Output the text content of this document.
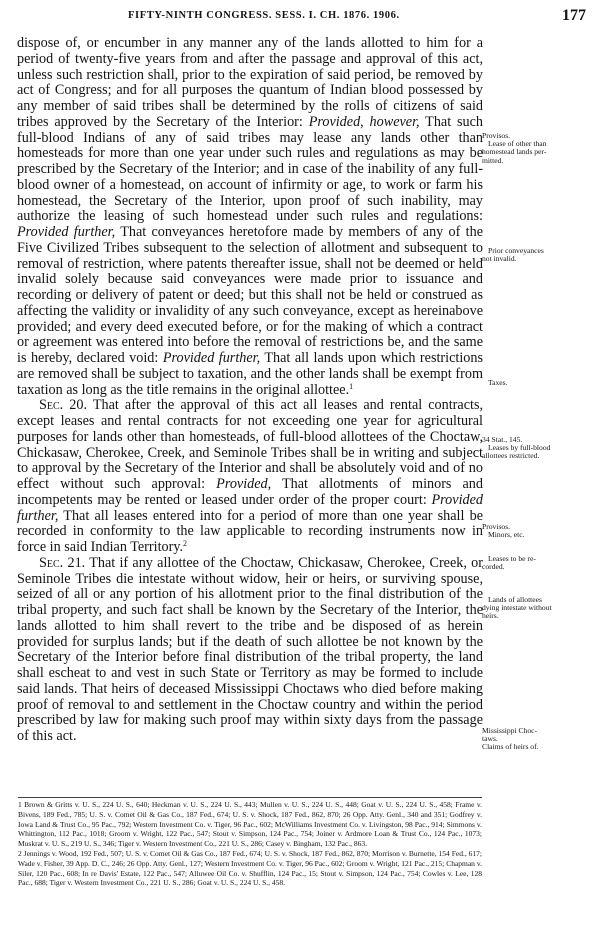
FIFTY-NINTH CONGRESS. SESS. I. CH. 1876. 1906.	177

dispose of, or encumber in any manner any of the lands allotted to him for a period of twenty-five years from and after the passage and approval of this act, unless such restriction shall, prior to the expiration of said period, be removed by act of Congress; and for all purposes the quantum of Indian blood possessed by any member of said tribes shall be determined by the rolls of citizens of said tribes approved by the Secretary of the Interior: Provided, however, That such full-blood Indians of any of said tribes may lease any lands other than homesteads for more than one year under such rules and regulations as may be prescribed by the Secretary of the Interior; and in case of the inability of any full-blood owner of a homestead, on account of infirmity or age, to work or farm his homestead, the Secretary of the Interior, upon proof of such inability, may authorize the leasing of such homestead under such rules and regulations: Provided further, That conveyances heretofore made by members of any of the Five Civilized Tribes subsequent to the selection of allotment and subsequent to removal of restriction, where patents thereafter issue, shall not be deemed or held invalid solely because said conveyances were made prior to issuance and recording or delivery of patent or deed; but this shall not be held or construed as affecting the validity or invalidity of any such conveyance, except as hereinabove provided; and every deed executed before, or for the making of which a contract or agreement was entered into before the removal of restrictions be, and the same is hereby, declared void: Provided further, That all lands upon which restrictions are removed shall be subject to taxation, and the other lands shall be exempt from taxation as long as the title remains in the original allottee.$^1$

Sec. 20. That after the approval of this act all leases and rental contracts, except leases and rental contracts for not exceeding one year for agricultural purposes for lands other than homesteads, of full-blood allottees of the Choctaw, Chickasaw, Cherokee, Creek, and Seminole Tribes shall be in writing and subject to approval by the Secretary of the Interior and shall be absolutely void and of no effect without such approval: Provided, That allotments of minors and incompetents may be rented or leased under order of the proper court: Provided further, That all leases entered into for a period of more than one year shall be recorded in conformity to the law applicable to recording instruments now in force in said Indian Territory.$^2$

Sec. 21. That if any allottee of the Choctaw, Chickasaw, Cherokee, Creek, or Seminole Tribes die intestate without widow, heir or heirs, or surviving spouse, seized of all or any portion of his allotment prior to the final distribution of the tribal property, and such fact shall be known by the Secretary of the Interior, the lands allotted to him shall revert to the tribe and be disposed of as herein provided for surplus lands; but if the death of such allottee be not known by the Secretary of the Interior before final distribution of the tribal property, the land shall escheat to and vest in such State or Territory as may be formed to include said lands. That heirs of deceased Mississippi Choctaws who died before making proof of removal to and settlement in the Choctaw country and within the period prescribed by law for making such proof may within sixty days from the passage of this act.

Provisos.
Lease of other than
homestead lands per-
mitted.
Prior conveyances
not invalid.
Taxes.
34 Stat., 145.
Leases by full-blood
allottees restricted.
Provisos.
Minors, etc.
Leases to be re-
corded.
Lands of allottees
dying intestate without
heirs.
Mississippi Choc-
taws.
Claims of heirs of.

1 Brown & Gritts v. U. S., 224 U. S., 640; Heckman v. U. S., 224 U. S., 443; Mullen v. U. S., 224 U. S., 448; Goat v. U. S., 224 U. S., 458; Frame v. Bivens, 189 Fed., 785; U. S. v. Comet Oil & Gas Co., 187 Fed., 674; U. S. v. Shock, 187 Fed., 862, 870; 26 Opp. Atty. Genl., 340 and 351; Godfrey v. Iowa Land & Trust Co., 95 Pac., 792; Western Investment Co. v. Tiger, 96 Pac., 602; McWilliams Investment Co. v. Livingston, 98 Pac., 914; Simmons v. Whittington, 112 Pac., 1018; Groom v. Wright, 122 Pac., 547; Stout v. Simpson, 124 Pac., 754; Joiner v. Ardmore Loan & Trust Co., 124 Pac., 1073; Muskrat v. U. S., 219 U. S., 346; Tiger v. Western Investment Co., 221 U. S., 286; Casey v. Bingham, 132 Pac., 863.

2 Jennings v. Wood, 192 Fed., 507; U. S. v. Comet Oil & Gas Co., 187 Fed., 674; U. S. v. Shock, 187 Fed., 862, 870; Morrison v. Burnette, 154 Fed., 617; Wade v. Fisher, 39 App. D. C., 246; 26 Opp. Atty. Genl., 127; Western Investment Co. v. Tiger, 96 Pac., 602; Groom v. Wright, 121 Pac., 215; Chapman v. Siler, 120 Pac., 608; In re Davis' Estate, 122 Pac., 547; Alluwee Oil Co. v. Shufflin, 124 Pac., 15; Stout v. Simpson, 124 Pac., 754; Cowles v. Lee, 128 Pac., 688; Tiger v. Western Investment Co., 221 U. S., 286; Goat v. U. S., 224 U. S., 458.
